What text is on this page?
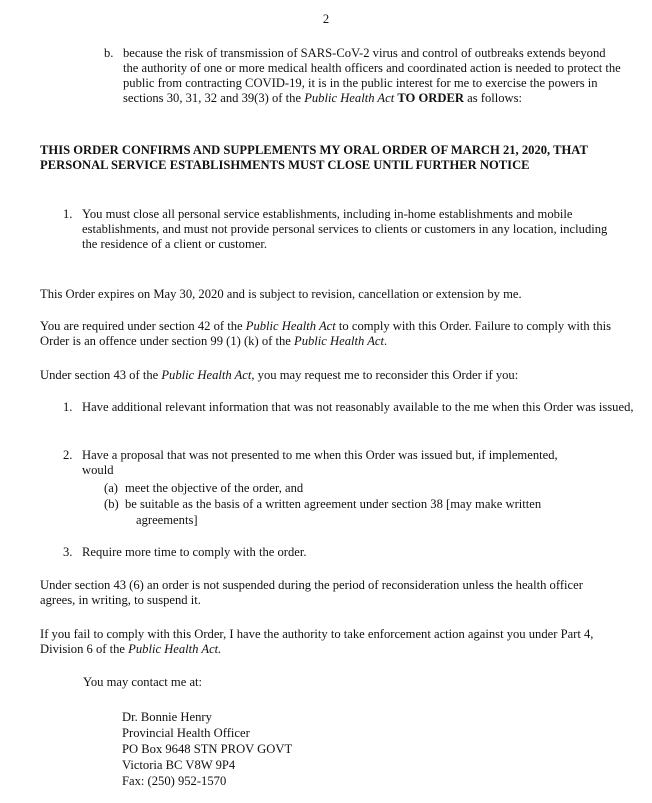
2
b. because the risk of transmission of SARS-CoV-2 virus and control of outbreaks extends beyond the authority of one or more medical health officers and coordinated action is needed to protect the public from contracting COVID-19, it is in the public interest for me to exercise the powers in sections 30, 31, 32 and 39(3) of the Public Health Act TO ORDER as follows:

THIS ORDER CONFIRMS AND SUPPLEMENTS MY ORAL ORDER OF MARCH 21, 2020, THAT PERSONAL SERVICE ESTABLISHMENTS MUST CLOSE UNTIL FURTHER NOTICE

1. You must close all personal service establishments, including in-home establishments and mobile establishments, and must not provide personal services to clients or customers in any location, including the residence of a client or customer.

This Order expires on May 30, 2020 and is subject to revision, cancellation or extension by me.

You are required under section 42 of the Public Health Act to comply with this Order. Failure to comply with this Order is an offence under section 99 (1) (k) of the Public Health Act.

Under section 43 of the Public Health Act, you may request me to reconsider this Order if you:

1. Have additional relevant information that was not reasonably available to the me when this Order was issued,

2. Have a proposal that was not presented to me when this Order was issued but, if implemented,
would
(a) meet the objective of the order, and
(b) be suitable as the basis of a written agreement under section 38 [may make written
agreements]
3. Require more time to comply with the order.

Under section 43 (6) an order is not suspended during the period of reconsideration unless the health officer agrees, in writing, to suspend it.

If you fail to comply with this Order, I have the authority to take enforcement action against you under Part 4, Division 6 of the Public Health Act.

You may contact me at:

Dr. Bonnie Henry
Provincial Health Officer
PO Box 9648 STN PROV GOVT
Victoria BC V8W 9P4
Fax: (250) 952-1570
